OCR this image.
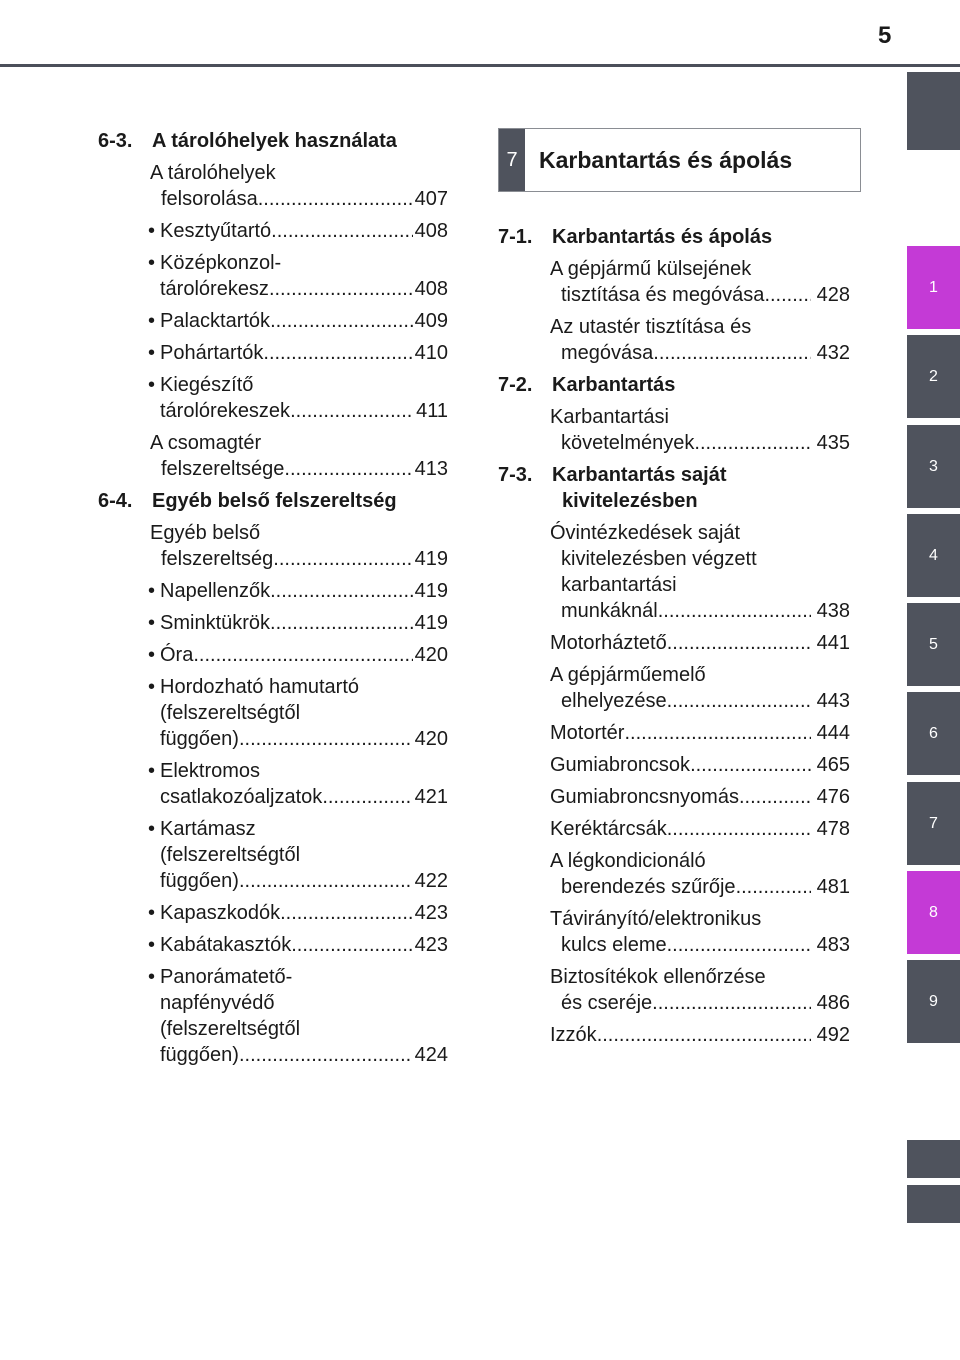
5
6-3. A tárolóhelyek használata
A tárolóhelyek
felsorolása .....	407
• Kesztyűtartó .....	408
• Középkonzol-
tárolórekesz .....	408
• Palacktartók .....	409
• Pohártartók .....	410
• Kiegészítő
tárolórekeszek .....	411
A csomagtér
felszereltsége .....	413
6-4. Egyéb belső felszereltség
Egyéb belső
felszereltség .....	419
• Napellenzők .....	419
• Sminktükrök .....	419
• Óra .....	420
• Hordozható hamutartó
(felszereltségtől
függően) .....	420
• Elektromos
csatlakozóaljzatok .....	421
• Kartámasz
(felszereltségtől
függően) .....	422
• Kapaszkodók .....	423
• Kabátakasztók .....	423
• Panorámatető-
napfényvédő
(felszereltségtől
függően) .....	424
7 Karbantartás és ápolás
7-1. Karbantartás és ápolás
A gépjármű külsejének
tisztítása és megóvása .....	428
Az utastér tisztítása és
megóvása .....	432
7-2. Karbantartás
Karbantartási
követelmények .....	435
7-3. Karbantartás saját
kivitelezésben
Óvintézkedések saját
kivitelezésben végzett
karbantartási
munkáknál .....	438
Motorháztető .....	441
A gépjárműemelő
elhelyezése .....	443
Motortér .....	444
Gumiabroncsok .....	465
Gumiabroncsnyomás .....	476
Keréktárcsák .....	478
A légkondicionáló
berendezés szűrője .....	481
Távirányító/elektronikus
kulcs eleme .....	483
Biztosítékok ellenőrzése
és cseréje .....	486
Izzók .....	492
1
2
3
4
5
6
7
8
9
